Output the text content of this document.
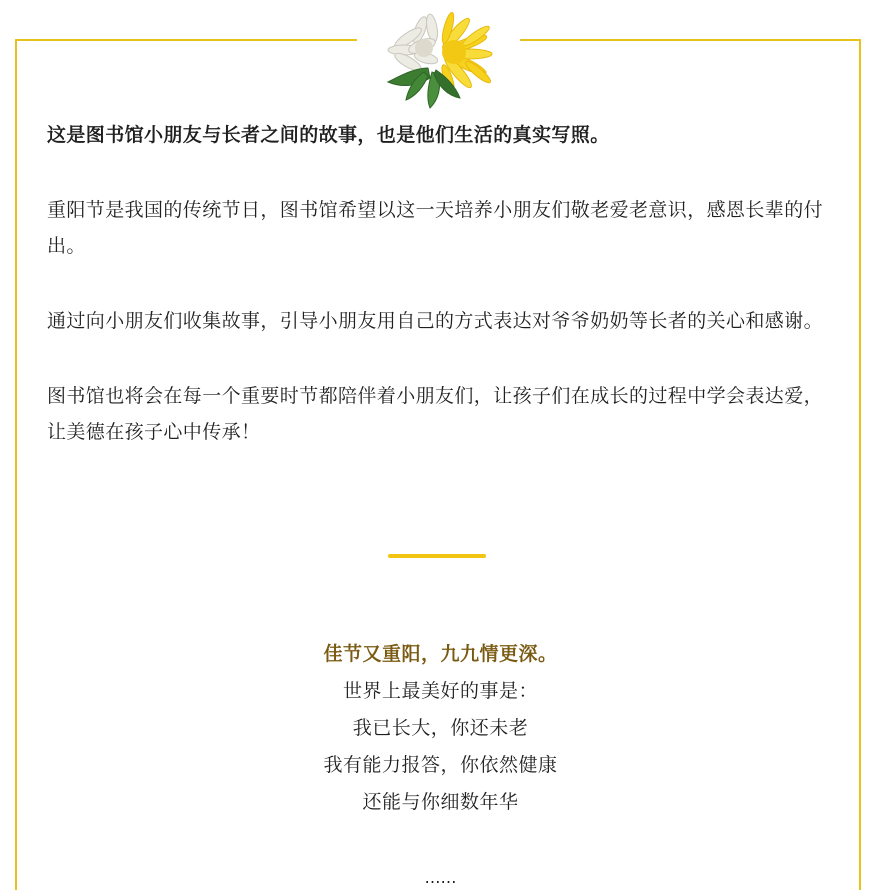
这是图书馆小朋友与长者之间的故事，也是他们生活的真实写照。

重阳节是我国的传统节日，图书馆希望以这一天培养小朋友们敬老爱老意识，感恩长辈的付出。

通过向小朋友们收集故事，引导小朋友用自己的方式表达对爷爷奶奶等长者的关心和感谢。

图书馆也将会在每一个重要时节都陪伴着小朋友们，让孩子们在成长的过程中学会表达爱，让美德在孩子心中传承！

佳节又重阳，九九情更深。
世界上最美好的事是：
我已长大，你还未老
我有能力报答，你依然健康
还能与你细数年华
……
